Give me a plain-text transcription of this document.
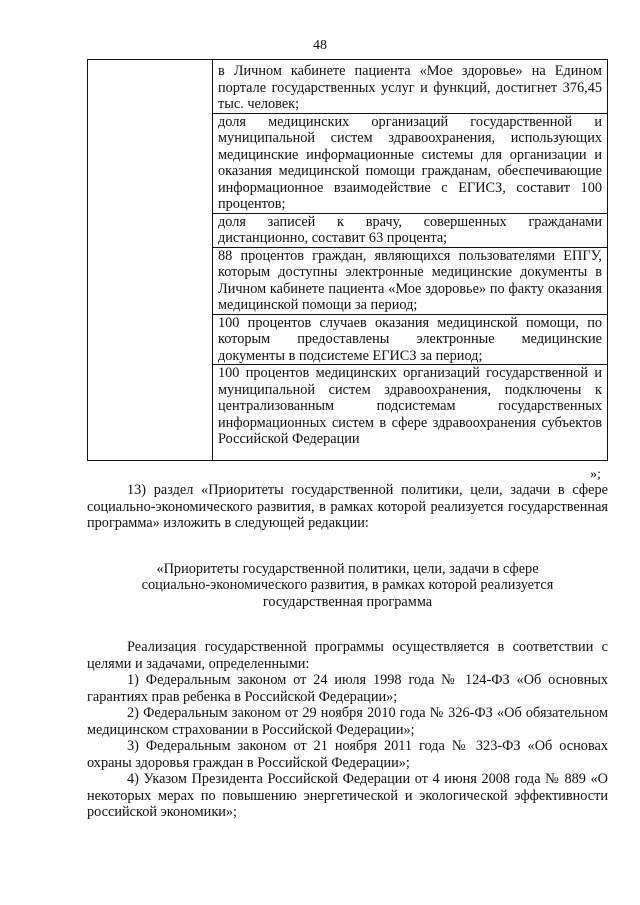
48

в Личном кабинете пациента «Мое здоровье» на Едином портале государственных услуг и функций, достигнет 376,45 тыс. человек;

доля медицинских организаций государственной и муниципальной систем здравоохранения, использующих медицинские информационные системы для организации и оказания медицинской помощи гражданам, обеспечивающие информационное взаимодействие с ЕГИСЗ, составит 100 процентов;

доля записей к врачу, совершенных гражданами дистанционно, составит 63 процента;

88 процентов граждан, являющихся пользователями ЕПГУ, которым доступны электронные медицинские документы в Личном кабинете пациента «Мое здоровье» по факту оказания медицинской помощи за период;

100 процентов случаев оказания медицинской помощи, по которым предоставлены электронные медицинские документы в подсистеме ЕГИСЗ за период;

100 процентов медицинских организаций государственной и муниципальной систем здравоохранения, подключены к централизованным подсистемам государственных информационных систем в сфере здравоохранения субъектов Российской Федерации

»;

13) раздел «Приоритеты государственной политики, цели, задачи в сфере социально-экономического развития, в рамках которой реализуется государственная программа» изложить в следующей редакции:

«Приоритеты государственной политики, цели, задачи в сфере социально-экономического развития, в рамках которой реализуется государственная программа

Реализация государственной программы осуществляется в соответствии с целями и задачами, определенными:

1) Федеральным законом от 24 июля 1998 года № 124-ФЗ «Об основных гарантиях прав ребенка в Российской Федерации»;

2) Федеральным законом от 29 ноября 2010 года № 326-ФЗ «Об обязательном медицинском страховании в Российской Федерации»;

3) Федеральным законом от 21 ноября 2011 года № 323-ФЗ «Об основах охраны здоровья граждан в Российской Федерации»;

4) Указом Президента Российской Федерации от 4 июня 2008 года № 889 «О некоторых мерах по повышению энергетической и экологической эффективности российской экономики»;
